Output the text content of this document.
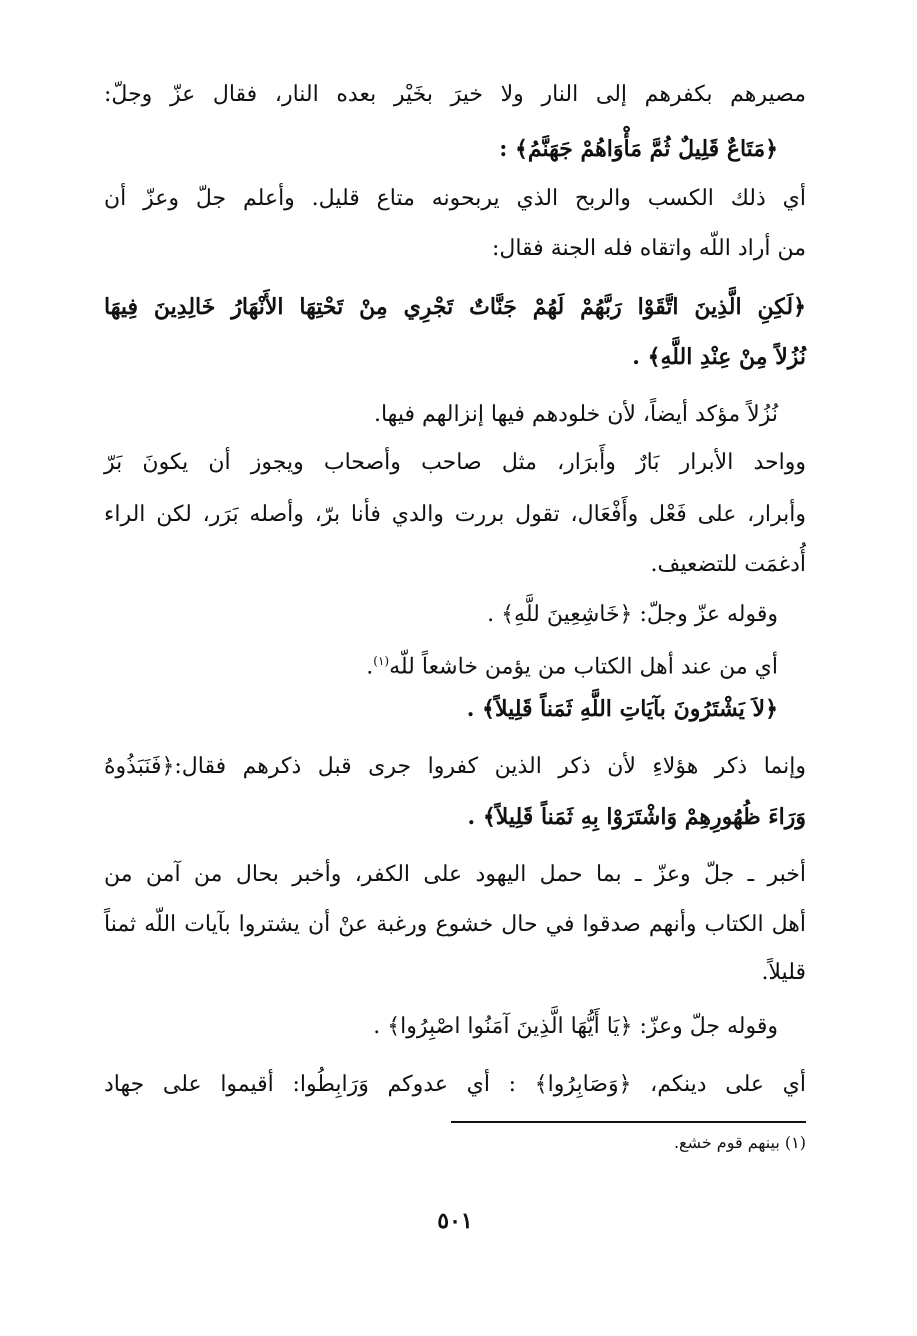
مصيرهم بكفرهم إلى النار ولا خيرَ بخَيْر بعده النار، فقال عزّ وجلّ:
﴿مَتَاعٌ قَلِيلٌ ثُمَّ مَأْوَاهُمْ جَهَنَّمُ﴾ :
أي ذلك الكسب والربح الذي يربحونه متاع قليل. وأعلم جلّ وعزّ أن
من أراد اللّه واتقاه فله الجنة فقال:
﴿لَكِنِ الَّذِينَ اتَّقَوْا رَبَّهُمْ لَهُمْ جَنَّاتٌ تَجْرِي مِنْ تَحْتِهَا الأَنْهَارُ خَالِدِينَ فِيهَا
نُزُلاً مِنْ عِنْدِ اللَّهِ﴾ .
نُزُلاً مؤكد أيضاً، لأن خلودهم فيها إنزالهم فيها.
وواحد الأبرار بَارٌ وأَبرَار، مثل صاحب وأصحاب ويجوز أن يكونَ بَرّ
وأبرار، على فَعْل وأَفْعَال، تقول بررت والدي فأنا برّ، وأصله بَرَر، لكن الراء
أُدغمَت للتضعيف.
وقوله عزّ وجلّ: ﴿خَاشِعِينَ للَّهِ﴾ .
أي من عند أهل الكتاب من يؤمن خاشعاً للّه$^{(١)}$.
﴿لاَ يَشْتَرُونَ بآيَاتِ اللَّهِ ثَمَناً قَلِيلاً﴾ .
وإنما ذكر هؤلاءِ لأن ذكر الذين كفروا جرى قبل ذكرهم فقال:﴿فَنَبَذُوهُ
وَرَاءَ ظُهُورِهِمْ وَاشْتَرَوْا بِهِ ثَمَناً قَلِيلاً﴾ .
أخبر ـ جلّ وعزّ ـ بما حمل اليهود على الكفر، وأخبر بحال من آمن من
أهل الكتاب وأنهم صدقوا في حال خشوع ورغبة عنْ أن يشتروا بآيات اللّه ثمناً
قليلاً.
وقوله جلّ وعزّ: ﴿يَا أَيُّهَا الَّذِينَ آمَنُوا اصْبِرُوا﴾ .
أي على دينكم، ﴿وَصَابِرُوا﴾ : أي عدوكم وَرَابِطُوا: أقيموا على جهاد
(١) بينهم قوم خشع.
٥٠١
